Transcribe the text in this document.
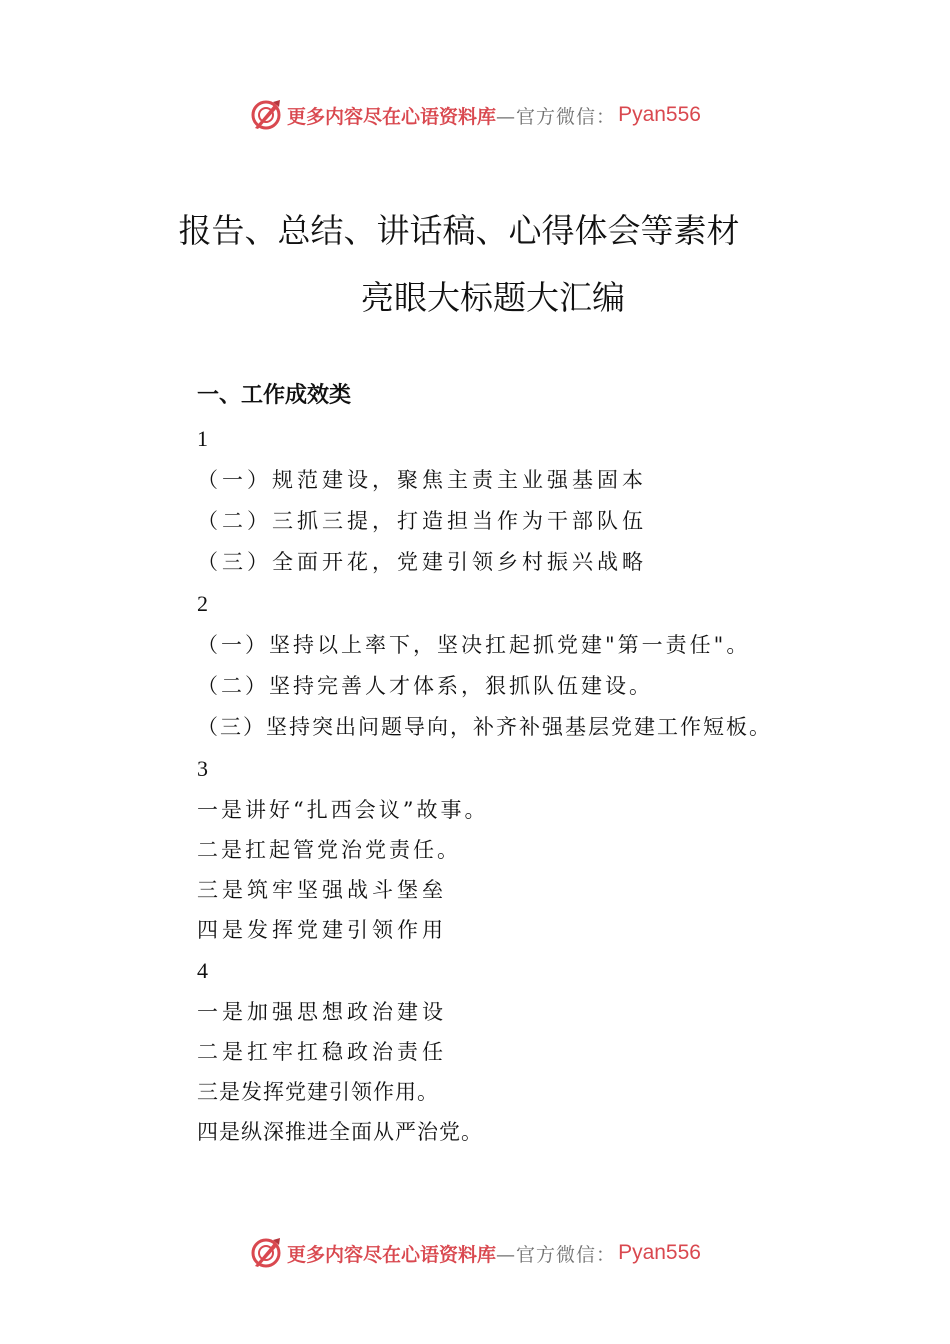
更多内容尽在心语资料库 —官方微信： Pyan556
报告、总结、讲话稿、心得体会等素材
亮眼大标题大汇编
一、工作成效类
1
（一）规范建设，聚焦主责主业强基固本
（二）三抓三提，打造担当作为干部队伍
（三）全面开花，党建引领乡村振兴战略
2
（一）坚持以上率下，坚决扛起抓党建"第一责任"。
（二）坚持完善人才体系，狠抓队伍建设。
（三）坚持突出问题导向，补齐补强基层党建工作短板。
3
一是讲好“扎西会议”故事。
二是扛起管党治党责任。
三是筑牢坚强战斗堡垒
四是发挥党建引领作用
4
一是加强思想政治建设
二是扛牢扛稳政治责任
三是发挥党建引领作用。
四是纵深推进全面从严治党。
更多内容尽在心语资料库 —官方微信： Pyan556
